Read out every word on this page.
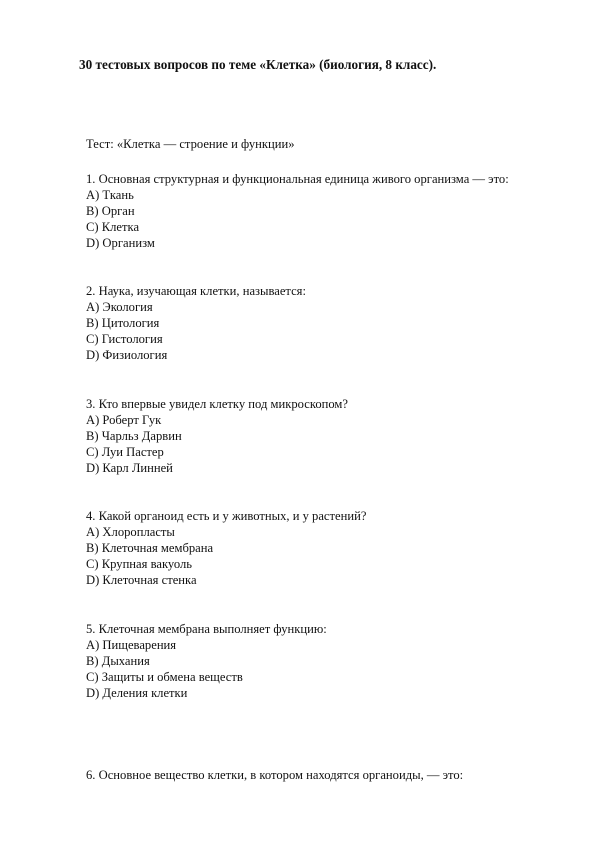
30 тестовых вопросов по теме «Клетка» (биология, 8 класс).
Тест: «Клетка — строение и функции»
1. Основная структурная и функциональная единица живого организма — это:
A) Ткань
B) Орган
C) Клетка
D) Организм
2. Наука, изучающая клетки, называется:
A) Экология
B) Цитология
C) Гистология
D) Физиология
3. Кто впервые увидел клетку под микроскопом?
A) Роберт Гук
B) Чарльз Дарвин
C) Луи Пастер
D) Карл Линней
4. Какой органоид есть и у животных, и у растений?
A) Хлоропласты
B) Клеточная мембрана
C) Крупная вакуоль
D) Клеточная стенка
5. Клеточная мембрана выполняет функцию:
A) Пищеварения
B) Дыхания
C) Защиты и обмена веществ
D) Деления клетки
6. Основное вещество клетки, в котором находятся органоиды, — это:
